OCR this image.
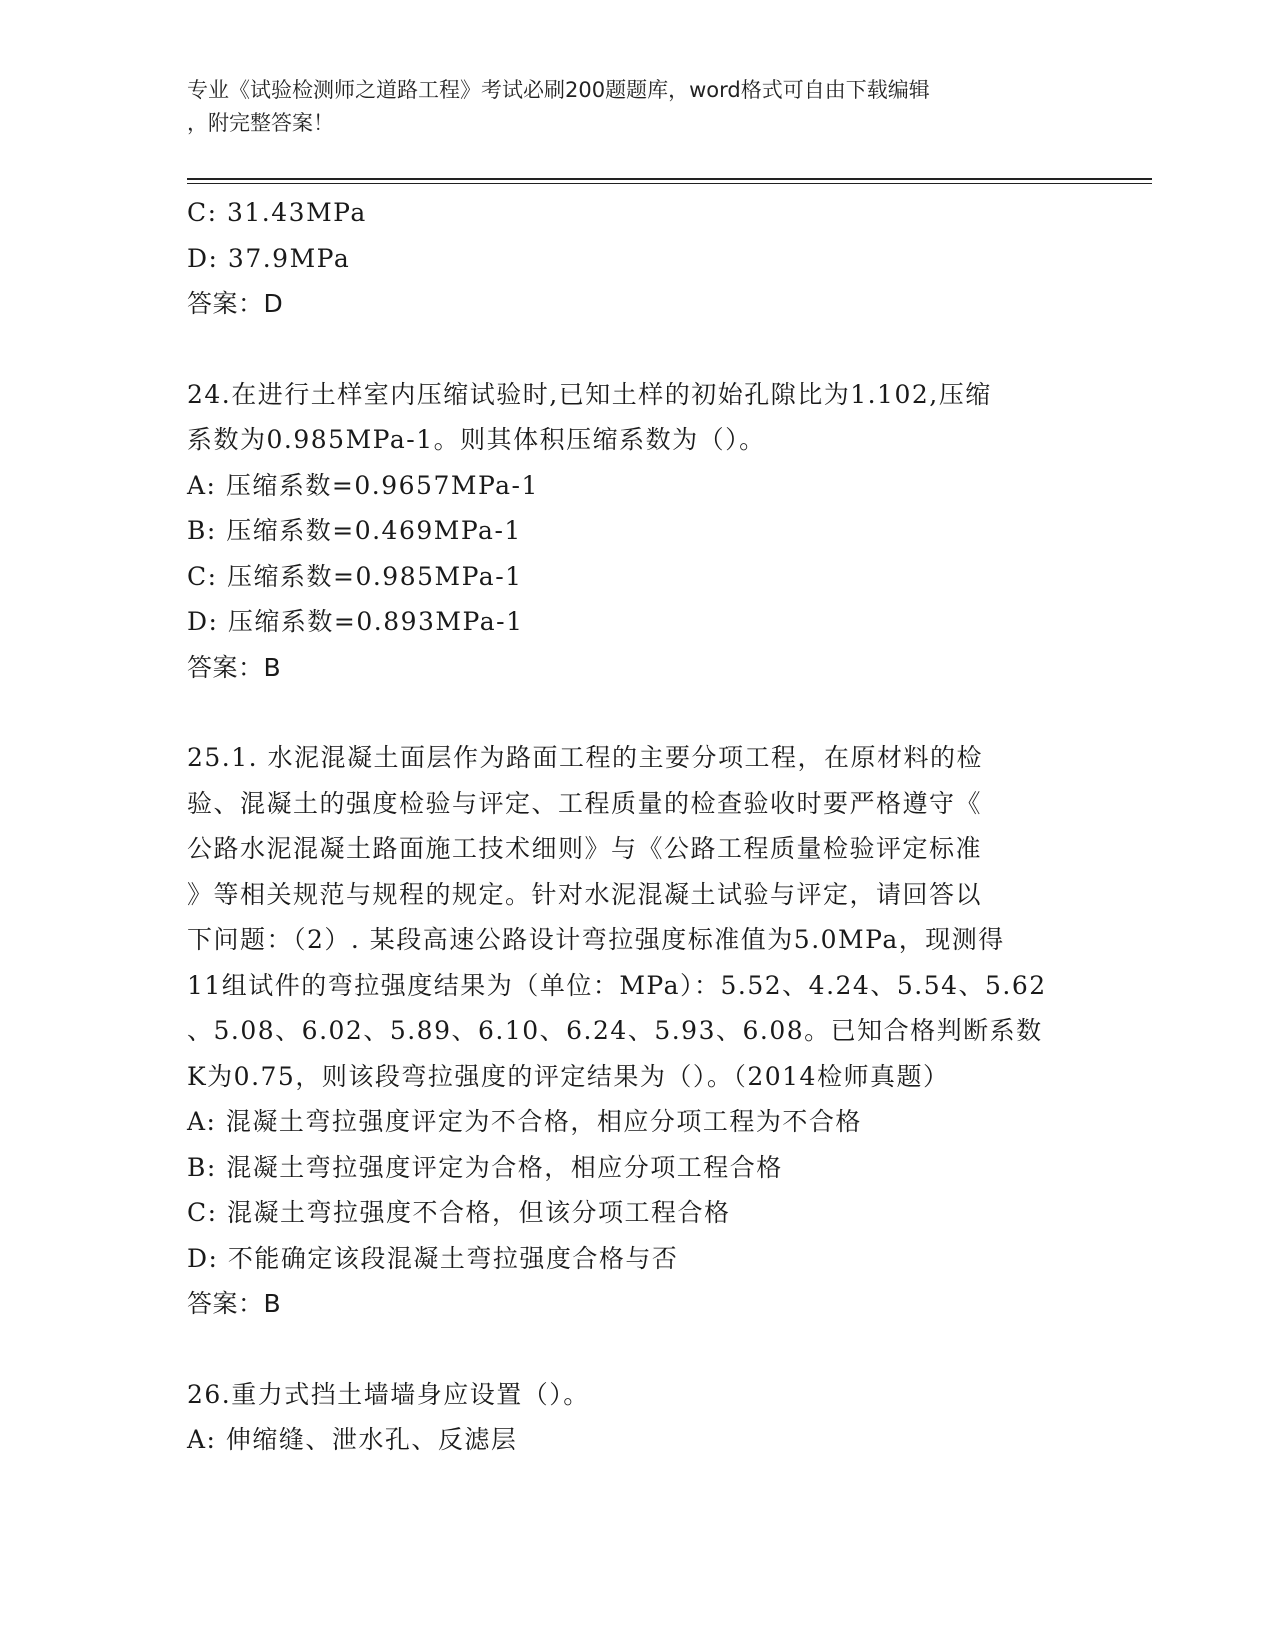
专业《试验检测师之道路工程》考试必刷200题题库，word格式可自由下载编辑
，附完整答案！
C: 31.43MPa
D: 37.9MPa
答案：D
24.在进行土样室内压缩试验时,已知土样的初始孔隙比为1.102,压缩
系数为0.985MPa-1。则其体积压缩系数为（）。
A: 压缩系数=0.9657MPa-1
B: 压缩系数=0.469MPa-1
C: 压缩系数=0.985MPa-1
D: 压缩系数=0.893MPa-1
答案：B
25.1. 水泥混凝土面层作为路面工程的主要分项工程，在原材料的检
验、混凝土的强度检验与评定、工程质量的检查验收时要严格遵守《
公路水泥混凝土路面施工技术细则》与《公路工程质量检验评定标准
》等相关规范与规程的规定。针对水泥混凝土试验与评定，请回答以
下问题：（2）. 某段高速公路设计弯拉强度标准值为5.0MPa，现测得
11组试件的弯拉强度结果为（单位：MPa）：5.52、4.24、5.54、5.62
、5.08、6.02、5.89、6.10、6.24、5.93、6.08。已知合格判断系数
K为0.75，则该段弯拉强度的评定结果为（）。（2014检师真题）
A: 混凝土弯拉强度评定为不合格，相应分项工程为不合格
B: 混凝土弯拉强度评定为合格，相应分项工程合格
C: 混凝土弯拉强度不合格，但该分项工程合格
D: 不能确定该段混凝土弯拉强度合格与否
答案：B
26.重力式挡土墙墙身应设置（）。
A: 伸缩缝、泄水孔、反滤层
